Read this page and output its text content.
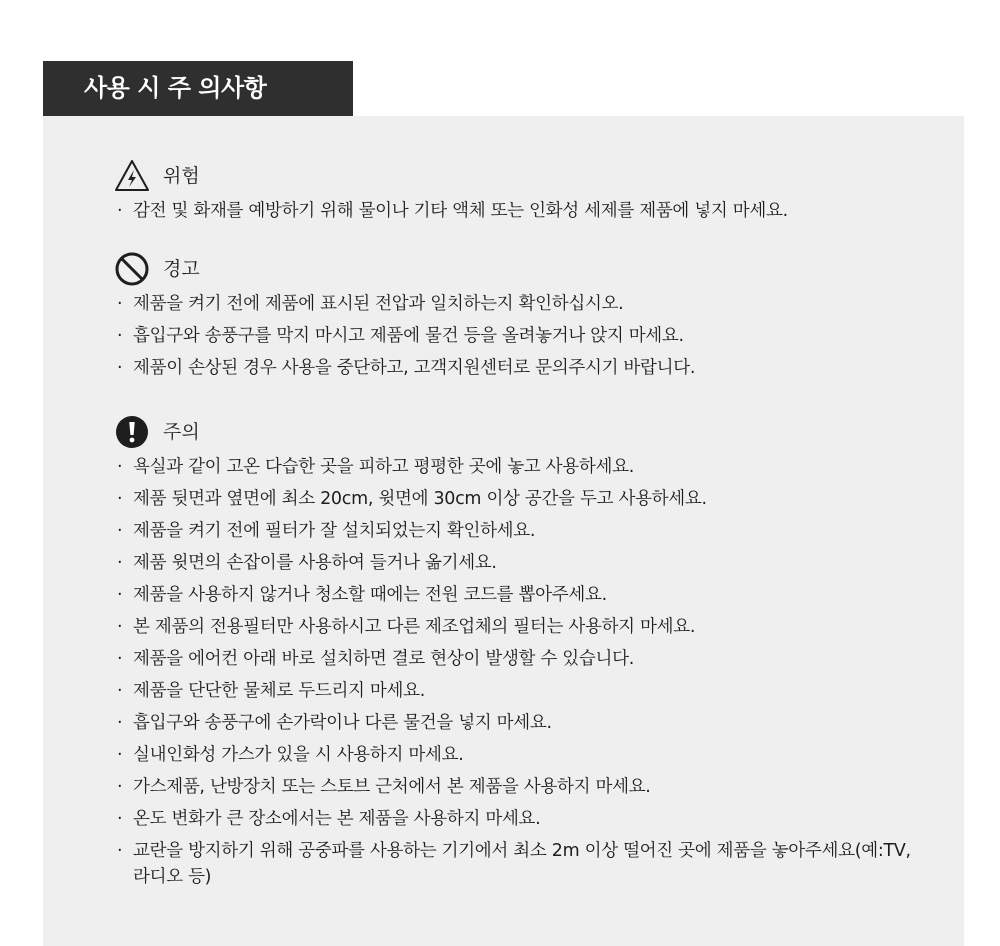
사용 시 주 의사항
위험
· 감전 및 화재를 예방하기 위해 물이나 기타 액체 또는 인화성 세제를 제품에 넣지 마세요.
경고
· 제품을 켜기 전에 제품에 표시된 전압과 일치하는지 확인하십시오.
· 흡입구와 송풍구를 막지 마시고 제품에 물건 등을 올려놓거나 앉지 마세요.
· 제품이 손상된 경우 사용을 중단하고, 고객지원센터로 문의주시기 바랍니다.
주의
· 욕실과 같이 고온 다습한 곳을 피하고 평평한 곳에 놓고 사용하세요.
· 제품 뒷면과 옆면에 최소 20cm, 윗면에 30cm 이상 공간을 두고 사용하세요.
· 제품을 켜기 전에 필터가 잘 설치되었는지 확인하세요.
· 제품 윗면의 손잡이를 사용하여 들거나 옮기세요.
· 제품을 사용하지 않거나 청소할 때에는 전원 코드를 뽑아주세요.
· 본 제품의 전용필터만 사용하시고 다른 제조업체의 필터는 사용하지 마세요.
· 제품을 에어컨 아래 바로 설치하면 결로 현상이 발생할 수 있습니다.
· 제품을 단단한 물체로 두드리지 마세요.
· 흡입구와 송풍구에 손가락이나 다른 물건을 넣지 마세요.
· 실내인화성 가스가 있을 시 사용하지 마세요.
· 가스제품, 난방장치 또는 스토브 근처에서 본 제품을 사용하지 마세요.
· 온도 변화가 큰 장소에서는 본 제품을 사용하지 마세요.
· 교란을 방지하기 위해 공중파를 사용하는 기기에서 최소 2m 이상 떨어진 곳에 제품을 놓아주세요(예:TV,라디오 등)
